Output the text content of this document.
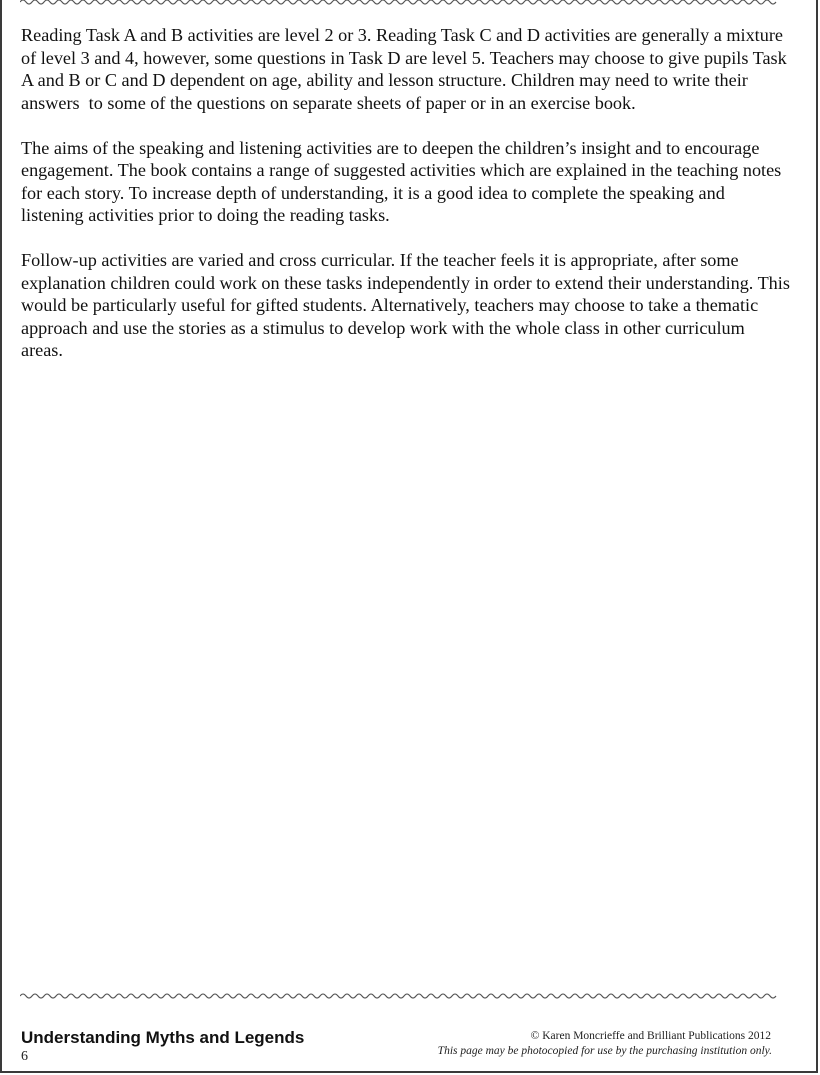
Reading Task A and B activities are level 2 or 3. Reading Task C and D activities are generally a mixture of level 3 and 4, however, some questions in Task D are level 5. Teachers may choose to give pupils Task A and B or C and D dependent on age, ability and lesson structure. Children may need to write their answers  to some of the questions on separate sheets of paper or in an exercise book.

The aims of the speaking and listening activities are to deepen the children’s insight and to encourage engagement. The book contains a range of suggested activities which are explained in the teaching notes for each story. To increase depth of understanding, it is a good idea to complete the speaking and listening activities prior to doing the reading tasks.

Follow-up activities are varied and cross curricular. If the teacher feels it is appropriate, after some explanation children could work on these tasks independently in order to extend their understanding. This would be particularly useful for gifted students. Alternatively, teachers may choose to take a thematic approach and use the stories as a stimulus to develop work with the whole class in other curriculum areas.

Understanding Myths and Legends
6
© Karen Moncrieffe and Brilliant Publications 2012
This page may be photocopied for use by the purchasing institution only.
